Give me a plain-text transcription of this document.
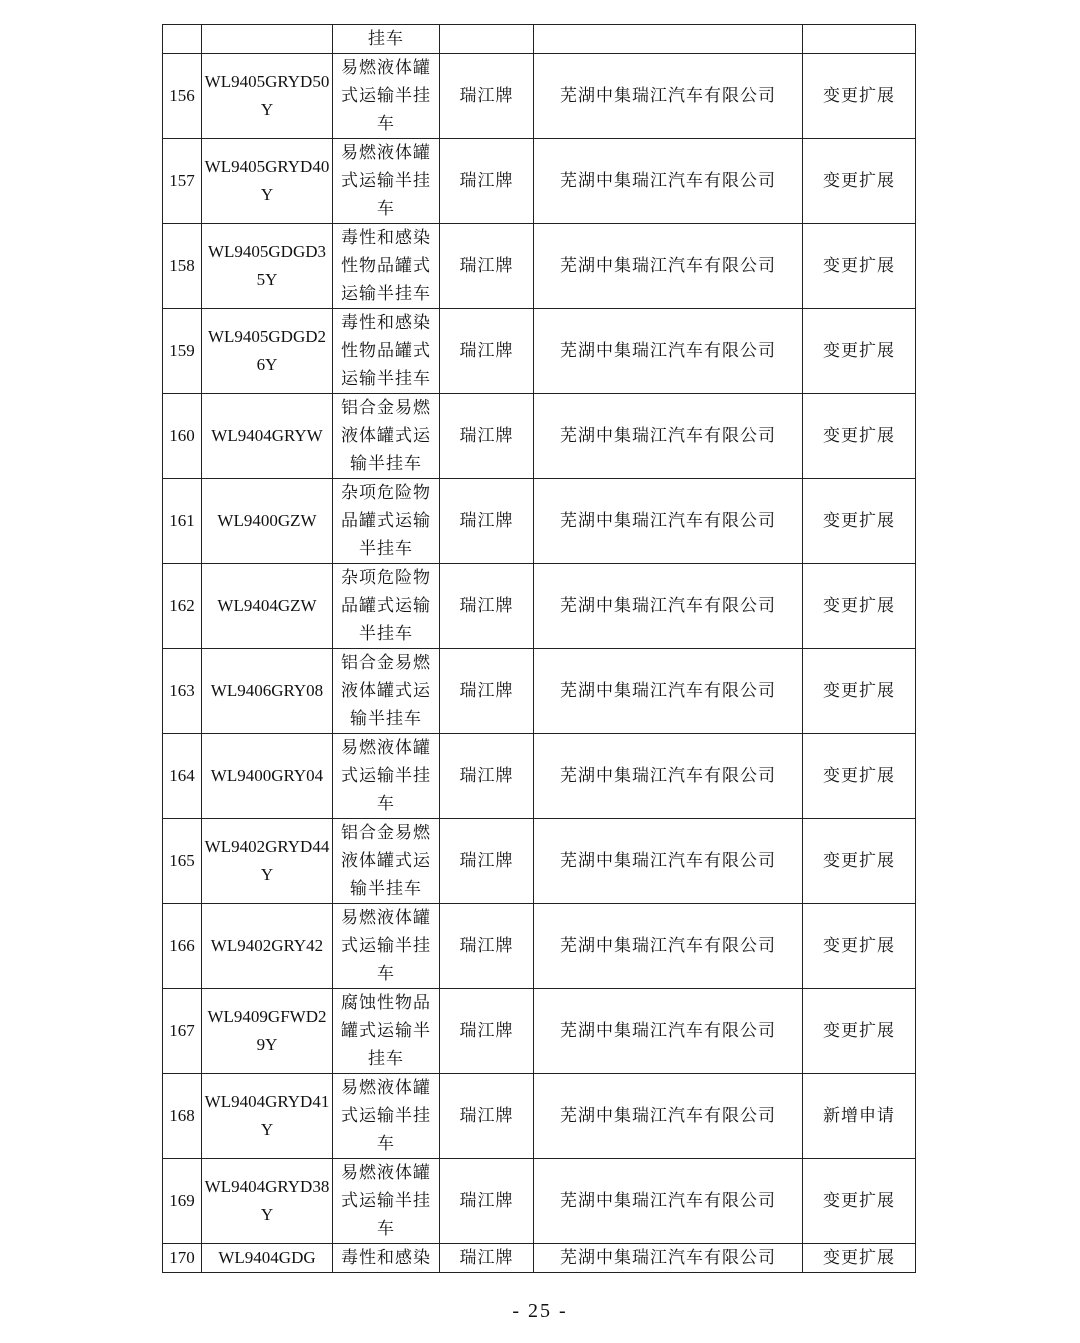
		挂车			
156	WL9405GRYD50Y	易燃液体罐式运输半挂车	瑞江牌	芜湖中集瑞江汽车有限公司	变更扩展
157	WL9405GRYD40Y	易燃液体罐式运输半挂车	瑞江牌	芜湖中集瑞江汽车有限公司	变更扩展
158	WL9405GDGD35Y	毒性和感染性物品罐式运输半挂车	瑞江牌	芜湖中集瑞江汽车有限公司	变更扩展
159	WL9405GDGD26Y	毒性和感染性物品罐式运输半挂车	瑞江牌	芜湖中集瑞江汽车有限公司	变更扩展
160	WL9404GRYW	铝合金易燃液体罐式运输半挂车	瑞江牌	芜湖中集瑞江汽车有限公司	变更扩展
161	WL9400GZW	杂项危险物品罐式运输半挂车	瑞江牌	芜湖中集瑞江汽车有限公司	变更扩展
162	WL9404GZW	杂项危险物品罐式运输半挂车	瑞江牌	芜湖中集瑞江汽车有限公司	变更扩展
163	WL9406GRY08	铝合金易燃液体罐式运输半挂车	瑞江牌	芜湖中集瑞江汽车有限公司	变更扩展
164	WL9400GRY04	易燃液体罐式运输半挂车	瑞江牌	芜湖中集瑞江汽车有限公司	变更扩展
165	WL9402GRYD44Y	铝合金易燃液体罐式运输半挂车	瑞江牌	芜湖中集瑞江汽车有限公司	变更扩展
166	WL9402GRY42	易燃液体罐式运输半挂车	瑞江牌	芜湖中集瑞江汽车有限公司	变更扩展
167	WL9409GFWD29Y	腐蚀性物品罐式运输半挂车	瑞江牌	芜湖中集瑞江汽车有限公司	变更扩展
168	WL9404GRYD41Y	易燃液体罐式运输半挂车	瑞江牌	芜湖中集瑞江汽车有限公司	新增申请
169	WL9404GRYD38Y	易燃液体罐式运输半挂车	瑞江牌	芜湖中集瑞江汽车有限公司	变更扩展
170	WL9404GDG	毒性和感染	瑞江牌	芜湖中集瑞江汽车有限公司	变更扩展
- 25 -
